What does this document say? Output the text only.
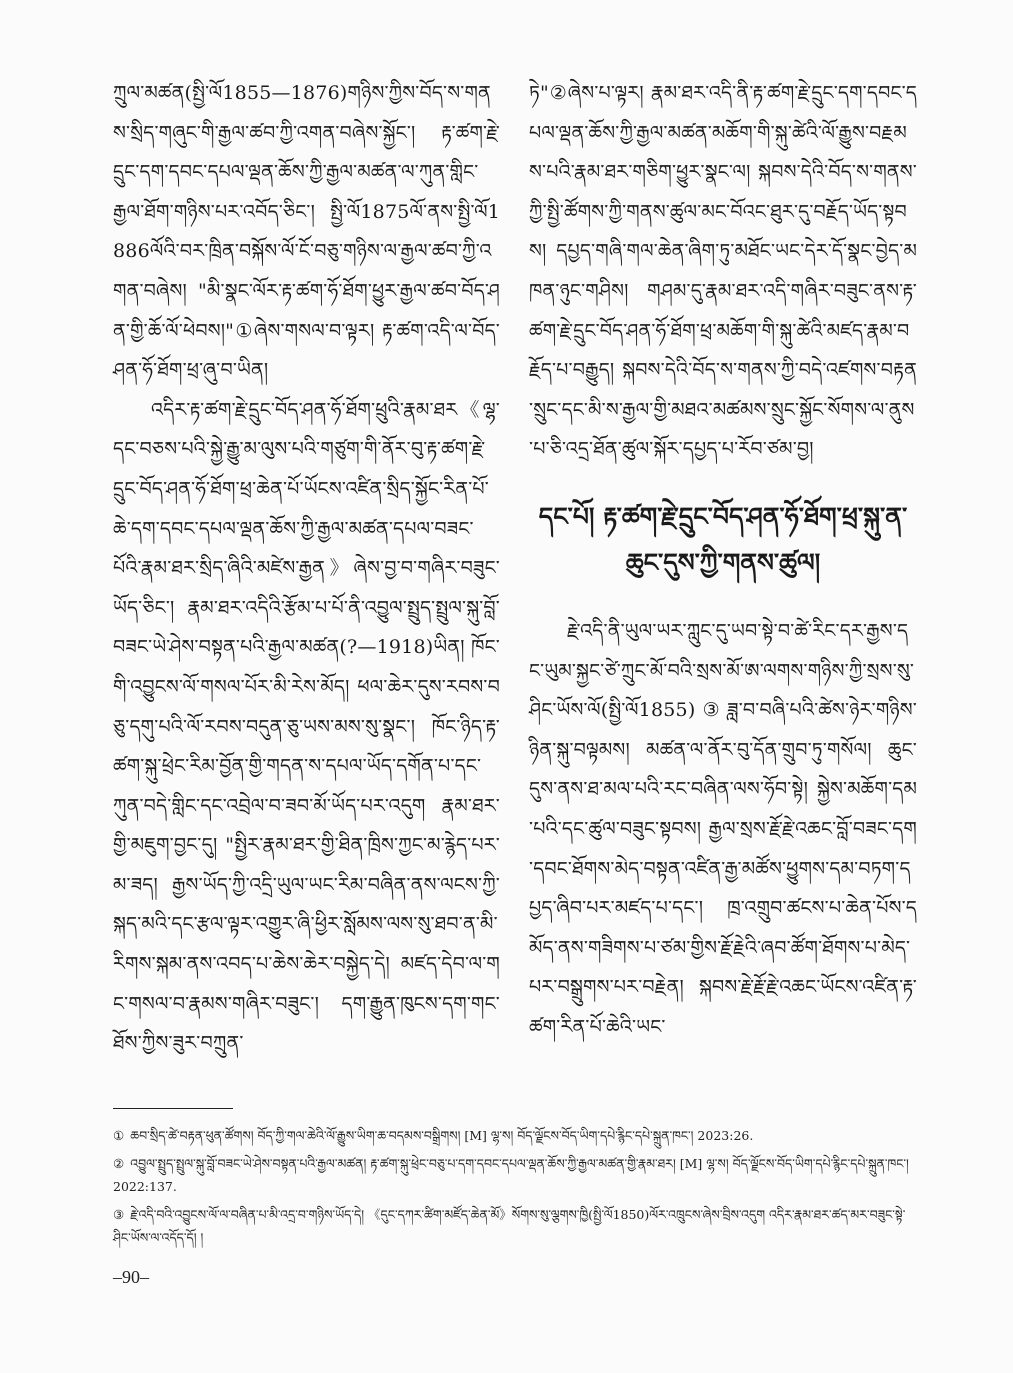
ཀྲུལ་མཚན(སྤྱི་ལོ1855—1876)གཉིས་ཀྱིས་བོད་ས་གནས་སྲིད་གཞུང་གི་རྒྱལ་ཚབ་ཀྱི་འགན་བཞེས་སྐྱོང་། རྟ་ཚག་རྗེ་དྲུང་དག་དབང་དཔལ་ལྡན་ཆོས་ཀྱི་རྒྱལ་མཚན་ལ་ཀུན་གླིང་རྒྱལ་ཐོག་གཉིས་པར་འབོད་ཅིང་། སྤྱི་ལོ1875ལོ་ནས་སྤྱི་ལོ1886ལོའི་བར་ཁྲིན་བསྐོས་ལོ་ངོ་བཅུ་གཉིས་ལ་རྒྱལ་ཚབ་ཀྱི་འགན་བཞེས། "མི་སྣང་ལོར་རྟ་ཚག་ཧོ་ཐོག་ཕྱུར་རྒྱལ་ཚབ་བོད་ཤན་གྱི་ཆོ་ལོ་ཕེབས།"①ཞེས་གསལ་བ་ལྟར། རྟ་ཚག་འདི་ལ་བོད་ཤན་ཧོ་ཐོག་ཕྲ་ཞུ་བ་ཡིན།

འདིར་རྟ་ཚག་རྗེ་དྲུང་བོད་ཤན་ཧོ་ཐོག་ཕྲུའི་རྣམ་ཐར《ལྷ་དང་བཅས་པའི་སྐྱེ་རྒྱུ་མ་ལུས་པའི་གཙུག་གི་ནོར་བུ་རྟ་ཚག་རྗེ་དྲུང་བོད་ཤན་ཧོ་ཐོག་ཕྲ་ཆེན་པོ་ཡོངས་འཛིན་སྲིད་སྐྱོང་རིན་པོ་ཆེ་དག་དབང་དཔལ་ལྡན་ཆོས་ཀྱི་རྒྱལ་མཚན་དཔལ་བཟང་པོའི་རྣམ་ཐར་སྲིད་ཞིའི་མཛེས་རྒྱན》ཞེས་བྱ་བ་གཞིར་བཟུང་ཡོད་ཅིང་། རྣམ་ཐར་འདིའི་རྩོམ་པ་པོ་ནི་འབྱུལ་སྤྲུད་སྤྲུལ་སྐུ་བློ་བཟང་ཡེ་ཤེས་བསྟན་པའི་རྒྱལ་མཚན(?—1918)ཡིན། ཁོང་གི་འབྱུངས་ལོ་གསལ་པོར་མི་རེས་མོད། ཕལ་ཆེར་དུས་རབས་བཅུ་དགུ་པའི་ལོ་རབས་བདུན་ཅུ་ཡས་མས་སུ་སྣང་། ཁོང་ཉིད་རྟ་ཚག་སྐུ་ཕྲེང་རིམ་བྱོན་གྱི་གདན་ས་དཔལ་ཡོད་དགོན་པ་དང་ཀུན་བདེ་གླིང་དང་འབྲེལ་བ་ཟབ་མོ་ཡོད་པར་འདུག རྣམ་ཐར་གྱི་མཇུག་བྱང་དུ། "སྤྱིར་རྣམ་ཐར་གྱི་ཐིན་ཁྲིས་ཀྱང་མ་རྙེད་པར་མ་ཟད། རྒྱས་ཡོད་ཀྱི་འདྲི་ཡུལ་ཡང་རིམ་བཞིན་ནས་ལངས་ཀྱི་སྐད་མའི་དང་རྩལ་ལྟར་འགྱུར་ཞི་ཕྱིར་སློམས་ལས་སུ་ཐབ་ན་མི་རིགས་སྐམ་ནས་འབད་པ་ཆེས་ཆེར་བསྐྱེད་དེ། མཛད་དེབ་ལ་གང་གསལ་བ་རྣམས་གཞིར་བཟུང་། དག་རྒྱུན་ཁུངས་དག་གང་ཐོས་ཀྱིས་ཟུར་བཀྲུན་

ཏེ"②ཞེས་པ་ལྟར། རྣམ་ཐར་འདི་ནི་རྟ་ཚག་རྗེ་དྲུང་དག་དབང་དཔལ་ལྡན་ཆོས་ཀྱི་རྒྱལ་མཚན་མཆོག་གི་སྐུ་ཚེའི་ལོ་རྒྱུས་བརྗམས་པའི་རྣམ་ཐར་གཅིག་ཕྱུར་སྣང་ལ། སྐབས་དེའི་བོད་ས་གནས་ཀྱི་སྤྱི་ཚོགས་ཀྱི་གནས་ཚུལ་མང་བོའང་ཐུར་དུ་བརྗོད་ཡོད་སྟབས། དཔྱད་གཞི་གལ་ཆེན་ཞིག་ཏུ་མཐོང་ཡང་དེར་དོ་སྣང་བྱེད་མཁན་ཉུང་གཤིས། གཤམ་དུ་རྣམ་ཐར་འདི་གཞིར་བཟུང་ནས་རྟ་ཚག་རྗེ་དྲུང་བོད་ཤན་ཧོ་ཐོག་ཕྲ་མཆོག་གི་སྐུ་ཚེའི་མཛད་རྣམ་བརྗོད་པ་བརྒྱུད། སྐབས་དེའི་བོད་ས་གནས་ཀྱི་བདེ་འཛགས་བརྟན་སྲུང་དང་མི་ས་རྒྱལ་གྱི་མཐའ་མཚམས་སྲུང་སྐྱོང་སོགས་ལ་ནུས་པ་ཅི་འདྲ་ཐོན་ཚུལ་སྐོར་དཔྱད་པ་རོབ་ཙམ་བྱ།

དང་པོ། རྟ་ཚག་རྗེ་དྲུང་བོད་ཤན་ཧོ་ཐོག་ཕྲ་སྐུ་ན་ཆུང་དུས་ཀྱི་གནས་ཚུལ།

རྗེ་འདི་ནི་ཡུལ་ཡར་ཀླུང་དུ་ཡབ་སྟེ་བ་ཚེ་རིང་དར་རྒྱས་དང་ཡུམ་སྐྱང་ཙེ་ཀྲུང་མོ་བའི་སྲས་མོ་ཨ་ལགས་གཉིས་ཀྱི་སྲས་སུ་ཤིང་ཡོས་ལོ(སྤྱི་ལོ1855)③ཟླ་བ་བཞི་པའི་ཚེས་ཉེར་གཉིས་ཉིན་སྐུ་བལྟམས། མཚན་ལ་ནོར་བུ་དོན་གྲུབ་ཏུ་གསོལ། ཆུང་དུས་ནས་ཐ་མལ་པའི་རང་བཞིན་ལས་ཧོབ་སྟེ། སྐྱེས་མཆོག་དམ་པའི་དང་ཚུལ་བཟུང་སྟབས། རྒྱལ་སྲས་རྗོ་རྗེ་འཆང་བློ་བཟང་དག་དབང་ཐོགས་མེད་བསྟན་འཛིན་རྒྱ་མཚོས་ཕྱུགས་དམ་བཏག་དཔྱད་ཞིབ་པར་མཛད་པ་དང་། ཁྲ་འགྲུབ་ཚངས་པ་ཆེན་པོས་དམོད་ནས་གཟིགས་པ་ཙམ་གྱིས་རྗོ་རྗེའི་ཞབ་ཚོག་ཐོགས་པ་མེད་པར་བསྒྲུགས་པར་བརྗེན། སྐབས་རྗེ་རྗོ་རྗེ་འཆང་ཡོངས་འཛིན་རྟ་ཚག་རིན་པོ་ཆེའི་ཡང་

① ཆབ་སྲིད་ཚེ་བརྟན་ཕུན་ཚོགས། བོད་ཀྱི་གལ་ཆེའི་ལོ་རྒྱུས་ཡིག་ཆ་བདམས་བསྒྲིགས། [M] ལྷ་ས། བོད་ལྗོངས་བོད་ཡིག་དཔེ་རྙིང་དཔེ་སྐྲུན་ཁང་། 2023:26.

② འབྱུལ་སྤྲུད་སྤྲུལ་སྐུ་བློ་བཟང་ཡེ་ཤེས་བསྟན་པའི་རྒྱལ་མཚན། རྟ་ཚག་སྐུ་ཕྲེང་བཅུ་པ་དག་དབང་དཔལ་ལྡན་ཆོས་ཀྱི་རྒྱལ་མཚན་གྱི་རྣམ་ཐར། [M] ལྷ་ས། བོད་ལྗོངས་བོད་ཡིག་དཔེ་རྙིང་དཔེ་སྐྲུན་ཁང་། 2022:137.

③ རྗེ་འདི་བའི་འབྱུངས་ལོ་ལ་བཞིན་པ་མི་འདྲ་བ་གཉིས་ཡོད་དེ། 《དུང་དཀར་ཚིག་མཛོད་ཆེན་མོ》སོགས་སུ་ལྕགས་ཁྱི(སྤྱི་ལོ1850)ལོར་འཁྲུངས་ཞེས་བྲིས་འདུག འདིར་རྣམ་ཐར་ཚད་མར་བཟུང་སྟེ་ཤིང་ཡོས་ལ་འདོད་དོ། །

–90–
